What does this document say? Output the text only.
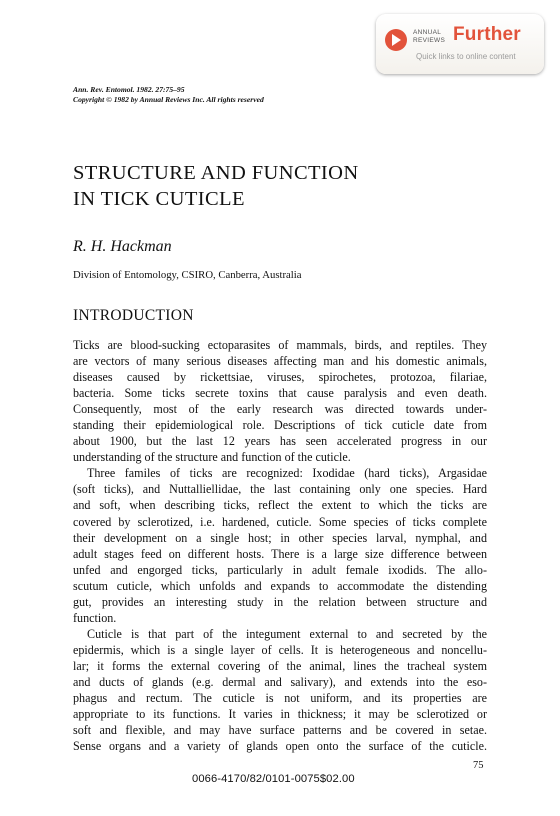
ANNUAL
REVIEWS Further
Quick links to online content
Ann. Rev. Entomol. 1982. 27:75–95
Copyright © 1982 by Annual Reviews Inc. All rights reserved
STRUCTURE AND FUNCTION
IN TICK CUTICLE
R. H. Hackman
Division of Entomology, CSIRO, Canberra, Australia
INTRODUCTION
Ticks are blood-sucking ectoparasites of mammals, birds, and reptiles. They
are vectors of many serious diseases affecting man and his domestic animals,
diseases caused by rickettsiae, viruses, spirochetes, protozoa, filariae,
bacteria. Some ticks secrete toxins that cause paralysis and even death.
Consequently, most of the early research was directed towards under-
standing their epidemiological role. Descriptions of tick cuticle date from
about 1900, but the last 12 years has seen accelerated progress in our
understanding of the structure and function of the cuticle.
Three familes of ticks are recognized: Ixodidae (hard ticks), Argasidae
(soft ticks), and Nuttalliellidae, the last containing only one species. Hard
and soft, when describing ticks, reflect the extent to which the ticks are
covered by sclerotized, i.e. hardened, cuticle. Some species of ticks complete
their development on a single host; in other species larval, nymphal, and
adult stages feed on different hosts. There is a large size difference between
unfed and engorged ticks, particularly in adult female ixodids. The allo-
scutum cuticle, which unfolds and expands to accommodate the distending
gut, provides an interesting study in the relation between structure and
function.
Cuticle is that part of the integument external to and secreted by the
epidermis, which is a single layer of cells. It is heterogeneous and noncellu-
lar; it forms the external covering of the animal, lines the tracheal system
and ducts of glands (e.g. dermal and salivary), and extends into the eso-
phagus and rectum. The cuticle is not uniform, and its properties are
appropriate to its functions. It varies in thickness; it may be sclerotized or
soft and flexible, and may have surface patterns and be covered in setae.
Sense organs and a variety of glands open onto the surface of the cuticle.
75
0066-4170/82/0101-0075$02.00
